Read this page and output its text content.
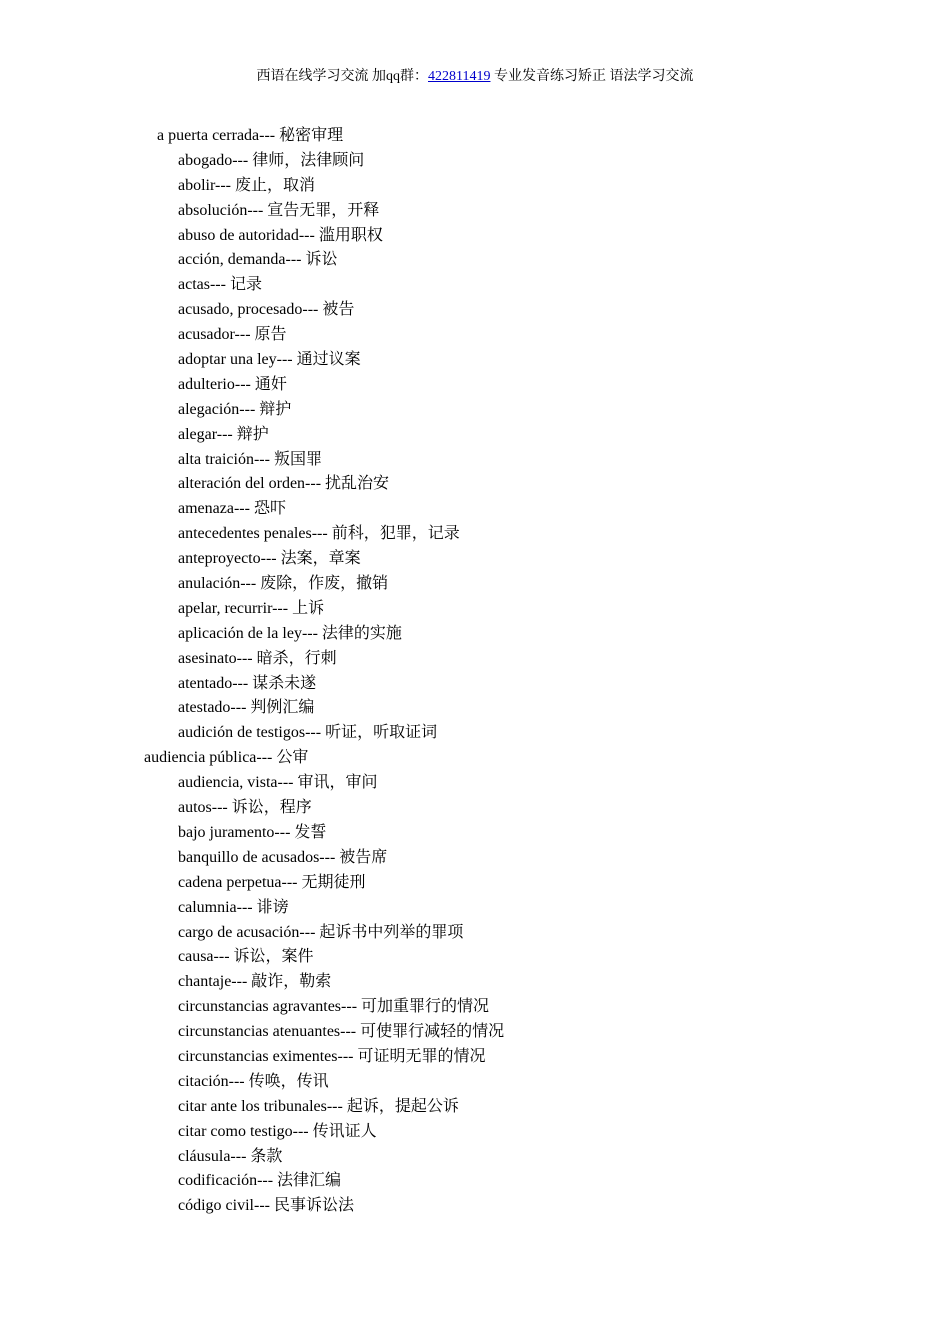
西语在线学习交流 加qq群：422811419 专业发音练习矫正 语法学习交流
a puerta cerrada--- 秘密审理
abogado--- 律师，法律顾问
abolir--- 废止，取消
absolución--- 宣告无罪，开释
abuso de autoridad--- 滥用职权
acción, demanda--- 诉讼
actas--- 记录
acusado, procesado--- 被告
acusador--- 原告
adoptar una ley--- 通过议案
adulterio--- 通奸
alegación--- 辩护
alegar--- 辩护
alta traición--- 叛国罪
alteración del orden--- 扰乱治安
amenaza--- 恐吓
antecedentes penales--- 前科，犯罪，记录
anteproyecto--- 法案，章案
anulación--- 废除，作废，撤销
apelar, recurrir--- 上诉
aplicación de la ley--- 法律的实施
asesinato--- 暗杀，行刺
atentado--- 谋杀未遂
atestado--- 判例汇编
audición de testigos--- 听证，听取证词
audiencia pública--- 公审
audiencia, vista--- 审讯，审问
autos--- 诉讼，程序
bajo juramento--- 发誓
banquillo de acusados--- 被告席
cadena perpetua--- 无期徒刑
calumnia--- 诽谤
cargo de acusación--- 起诉书中列举的罪项
causa--- 诉讼，案件
chantaje--- 敲诈，勒索
circunstancias agravantes--- 可加重罪行的情况
circunstancias atenuantes--- 可使罪行减轻的情况
circunstancias eximentes--- 可证明无罪的情况
citación--- 传唤，传讯
citar ante los tribunales--- 起诉，提起公诉
citar como testigo--- 传讯证人
cláusula--- 条款
codificación--- 法律汇编
código civil--- 民事诉讼法
